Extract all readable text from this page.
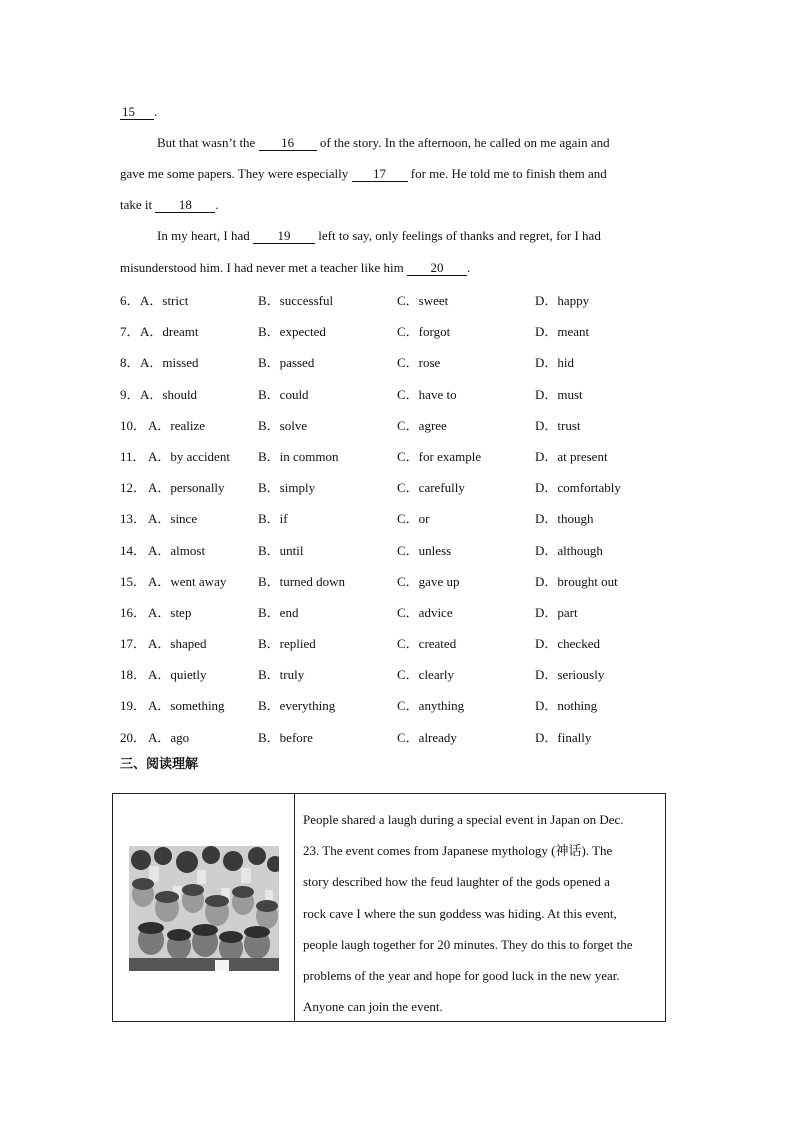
15 .
But that wasn’t the 16 of the story. In the afternoon, he called on me again and
gave me some papers. They were especially 17 for me. He told me to finish them and
take it 18 .
In my heart, I had 19 left to say, only feelings of thanks and regret, for I had
misunderstood him. I had never met a teacher like him 20 .
6． A．strict	B．successful	C．sweet	D．happy
7． A．dreamt	B．expected	C．forgot	D．meant
8． A．missed	B．passed	C．rose	D．hid
9． A．should	B．could	C．have to	D．must
10． A．realize	B．solve	C．agree	D．trust
11． A．by accident B．in common	C．for example	D．at present
12． A．personally	B．simply	C．carefully	D．comfortably
13． A．since	B．if	C．or	D．though
14． A．almost	B．until	C．unless	D．although
15． A．went away B．turned down	C．gave up	D．brought out
16． A．step	B．end	C．advice	D．part
17． A．shaped	B．replied	C．created	D．checked
18． A．quietly	B．truly	C．clearly	D．seriously
19． A．something	B．everything	C．anything	D．nothing
20． A．ago	B．before	C．already	D．finally
三、阅读理解
People shared a laugh during a special event in Japan on Dec.
23. The event comes from Japanese mythology (神话). The
story described how the feud laughter of the gods opened a
rock cave I where the sun goddess was hiding. At this event,
people laugh together for 20 minutes. They do this to forget the
problems of the year and hope for good luck in the new year.
Anyone can join the event.
